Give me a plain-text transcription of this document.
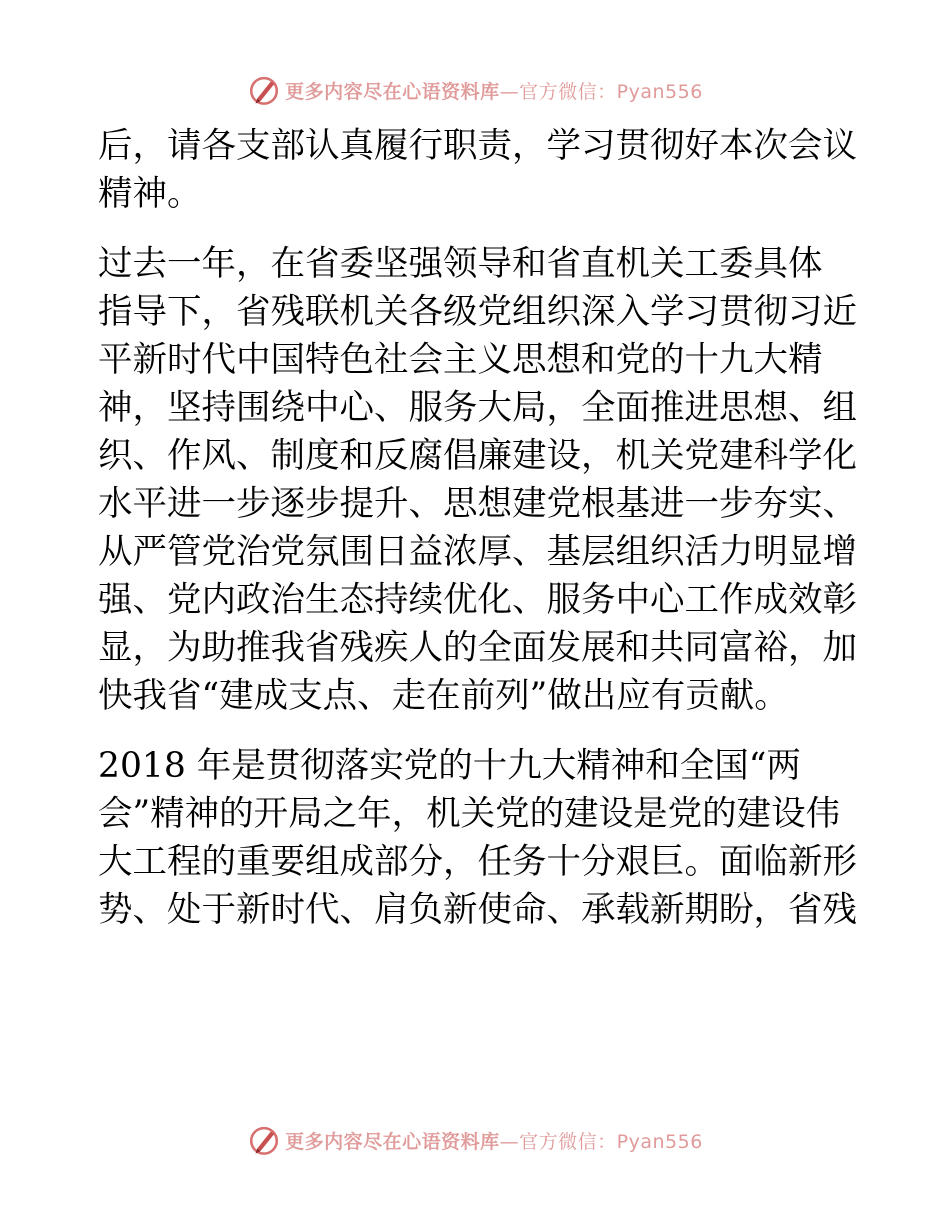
更多内容尽在心语资料库 —官方微信：Pyan556

后，请各支部认真履行职责，学习贯彻好本次会议

精神。

过去一年，在省委坚强领导和省直机关工委具体

指导下，省残联机关各级党组织深入学习贯彻习近

平新时代中国特色社会主义思想和党的十九大精

神，坚持围绕中心、服务大局，全面推进思想、组

织、作风、制度和反腐倡廉建设，机关党建科学化

水平进一步逐步提升、思想建党根基进一步夯实、

从严管党治党氛围日益浓厚、基层组织活力明显增

强、党内政治生态持续优化、服务中心工作成效彰

显，为助推我省残疾人的全面发展和共同富裕，加

快我省“建成支点、走在前列”做出应有贡献。

2018 年是贯彻落实党的十九大精神和全国“两

会”精神的开局之年，机关党的建设是党的建设伟

大工程的重要组成部分，任务十分艰巨。面临新形

势、处于新时代、肩负新使命、承载新期盼，省残

更多内容尽在心语资料库 —官方微信：Pyan556
